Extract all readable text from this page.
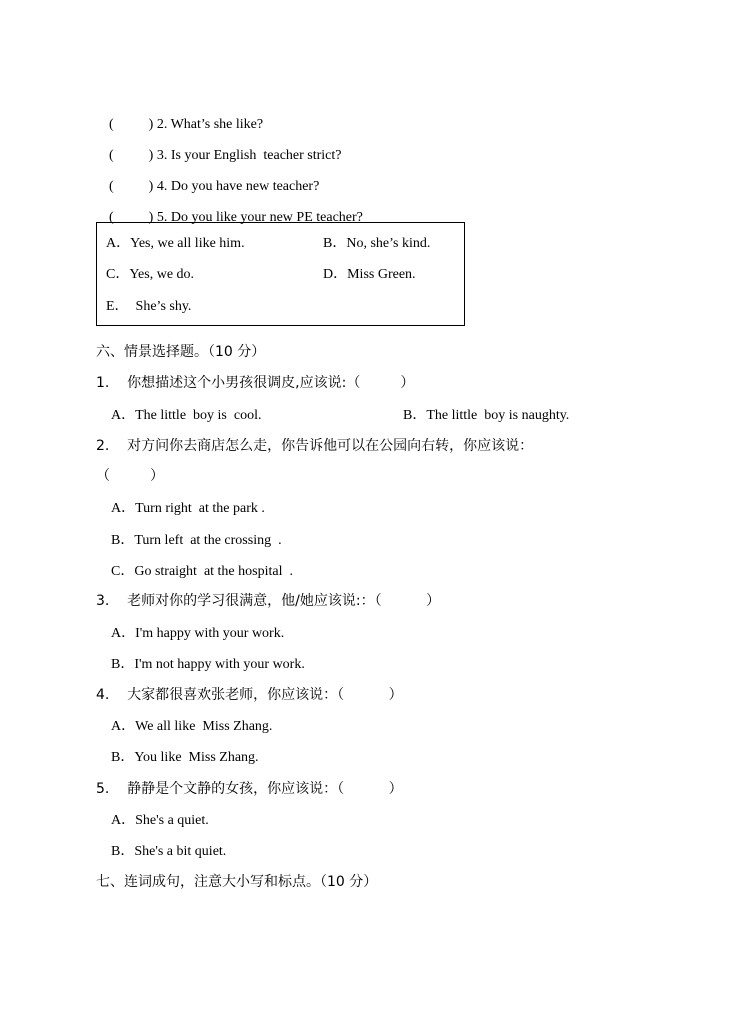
(          ) 2. What’s she like?

(          ) 3. Is your English  teacher strict?

(          ) 4. Do you have new teacher?

(          ) 5. Do you like your new PE teacher?

A．Yes, we all like him.	B．No, she’s kind.
C．Yes, we do.	D．Miss Green.
E．  She’s shy.
六、情景选择题。（10 分）
1.    你想描述这个小男孩很调皮,应该说:（         ）
A．The little  boy is  cool.	B．The little  boy is naughty.
2.    对方问你去商店怎么走，你告诉他可以在公园向右转，你应该说：
（         ）
A．Turn right  at the park .
B．Turn left  at the crossing  .
C．Go straight  at the hospital  .
3.    老师对你的学习很满意，他/她应该说:：（          ）
A．I'm happy with your work.
B．I'm not happy with your work.
4.    大家都很喜欢张老师，你应该说：（          ）
A．We all like  Miss Zhang.
B．You like  Miss Zhang.
5.    静静是个文静的女孩，你应该说：（          ）
A．She's a quiet.
B．She's a bit quiet.
七、连词成句，注意大小写和标点。（10 分）
